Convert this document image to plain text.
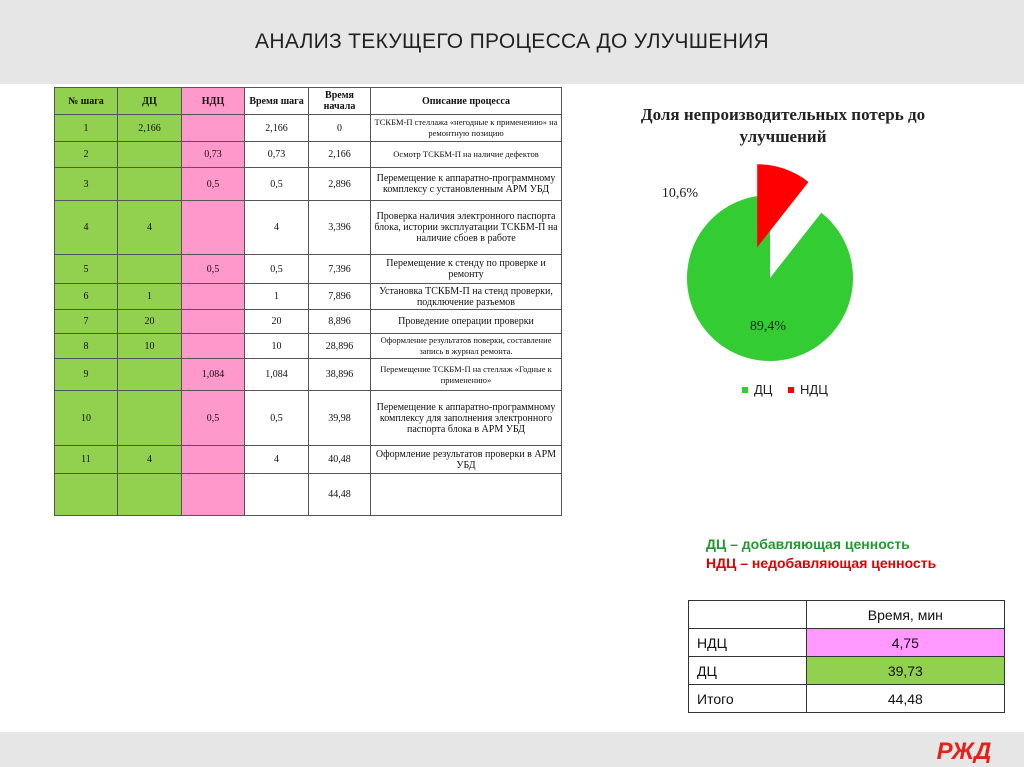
АНАЛИЗ ТЕКУЩЕГО ПРОЦЕССА ДО УЛУЧШЕНИЯ
№ шага	ДЦ	НДЦ	Время шага	Время начала	Описание процесса
1	2,166		2,166	0	ТСКБМ-П стеллажа «негодные к применению» на ремонтную позицию
2		0,73	0,73	2,166	Осмотр ТСКБМ-П на наличие дефектов
3		0,5	0,5	2,896	Перемещение к аппаратно-программному комплексу с установленным АРМ УБД
4	4		4	3,396	Проверка наличия электронного паспорта блока, истории эксплуатации ТСКБМ-П на наличие сбоев в работе
5		0,5	0,5	7,396	Перемещение к стенду по проверке и ремонту
6	1		1	7,896	Установка ТСКБМ-П на стенд проверки, подключение разъемов
7	20		20	8,896	Проведение операции проверки
8	10		10	28,896	Оформление результатов поверки, составление запись в журнал ремонта.
9		1,084	1,084	38,896	Перемещение ТСКБМ-П на стеллаж «Годные к применению»
10		0,5	0,5	39,98	Перемещение к аппаратно-программному комплексу для заполнения электронного паспорта блока в АРМ УБД
11	4		4	40,48	Оформление результатов проверки в АРМ УБД
				44,48	
Доля непроизводительных потерь до улучшений
89,4%
10,6%
ДЦ НДЦ
ДЦ – добавляющая ценность
НДЦ – недобавляющая ценность
	Время, мин
НДЦ	4,75
ДЦ	39,73
Итого	44,48
РЖД
